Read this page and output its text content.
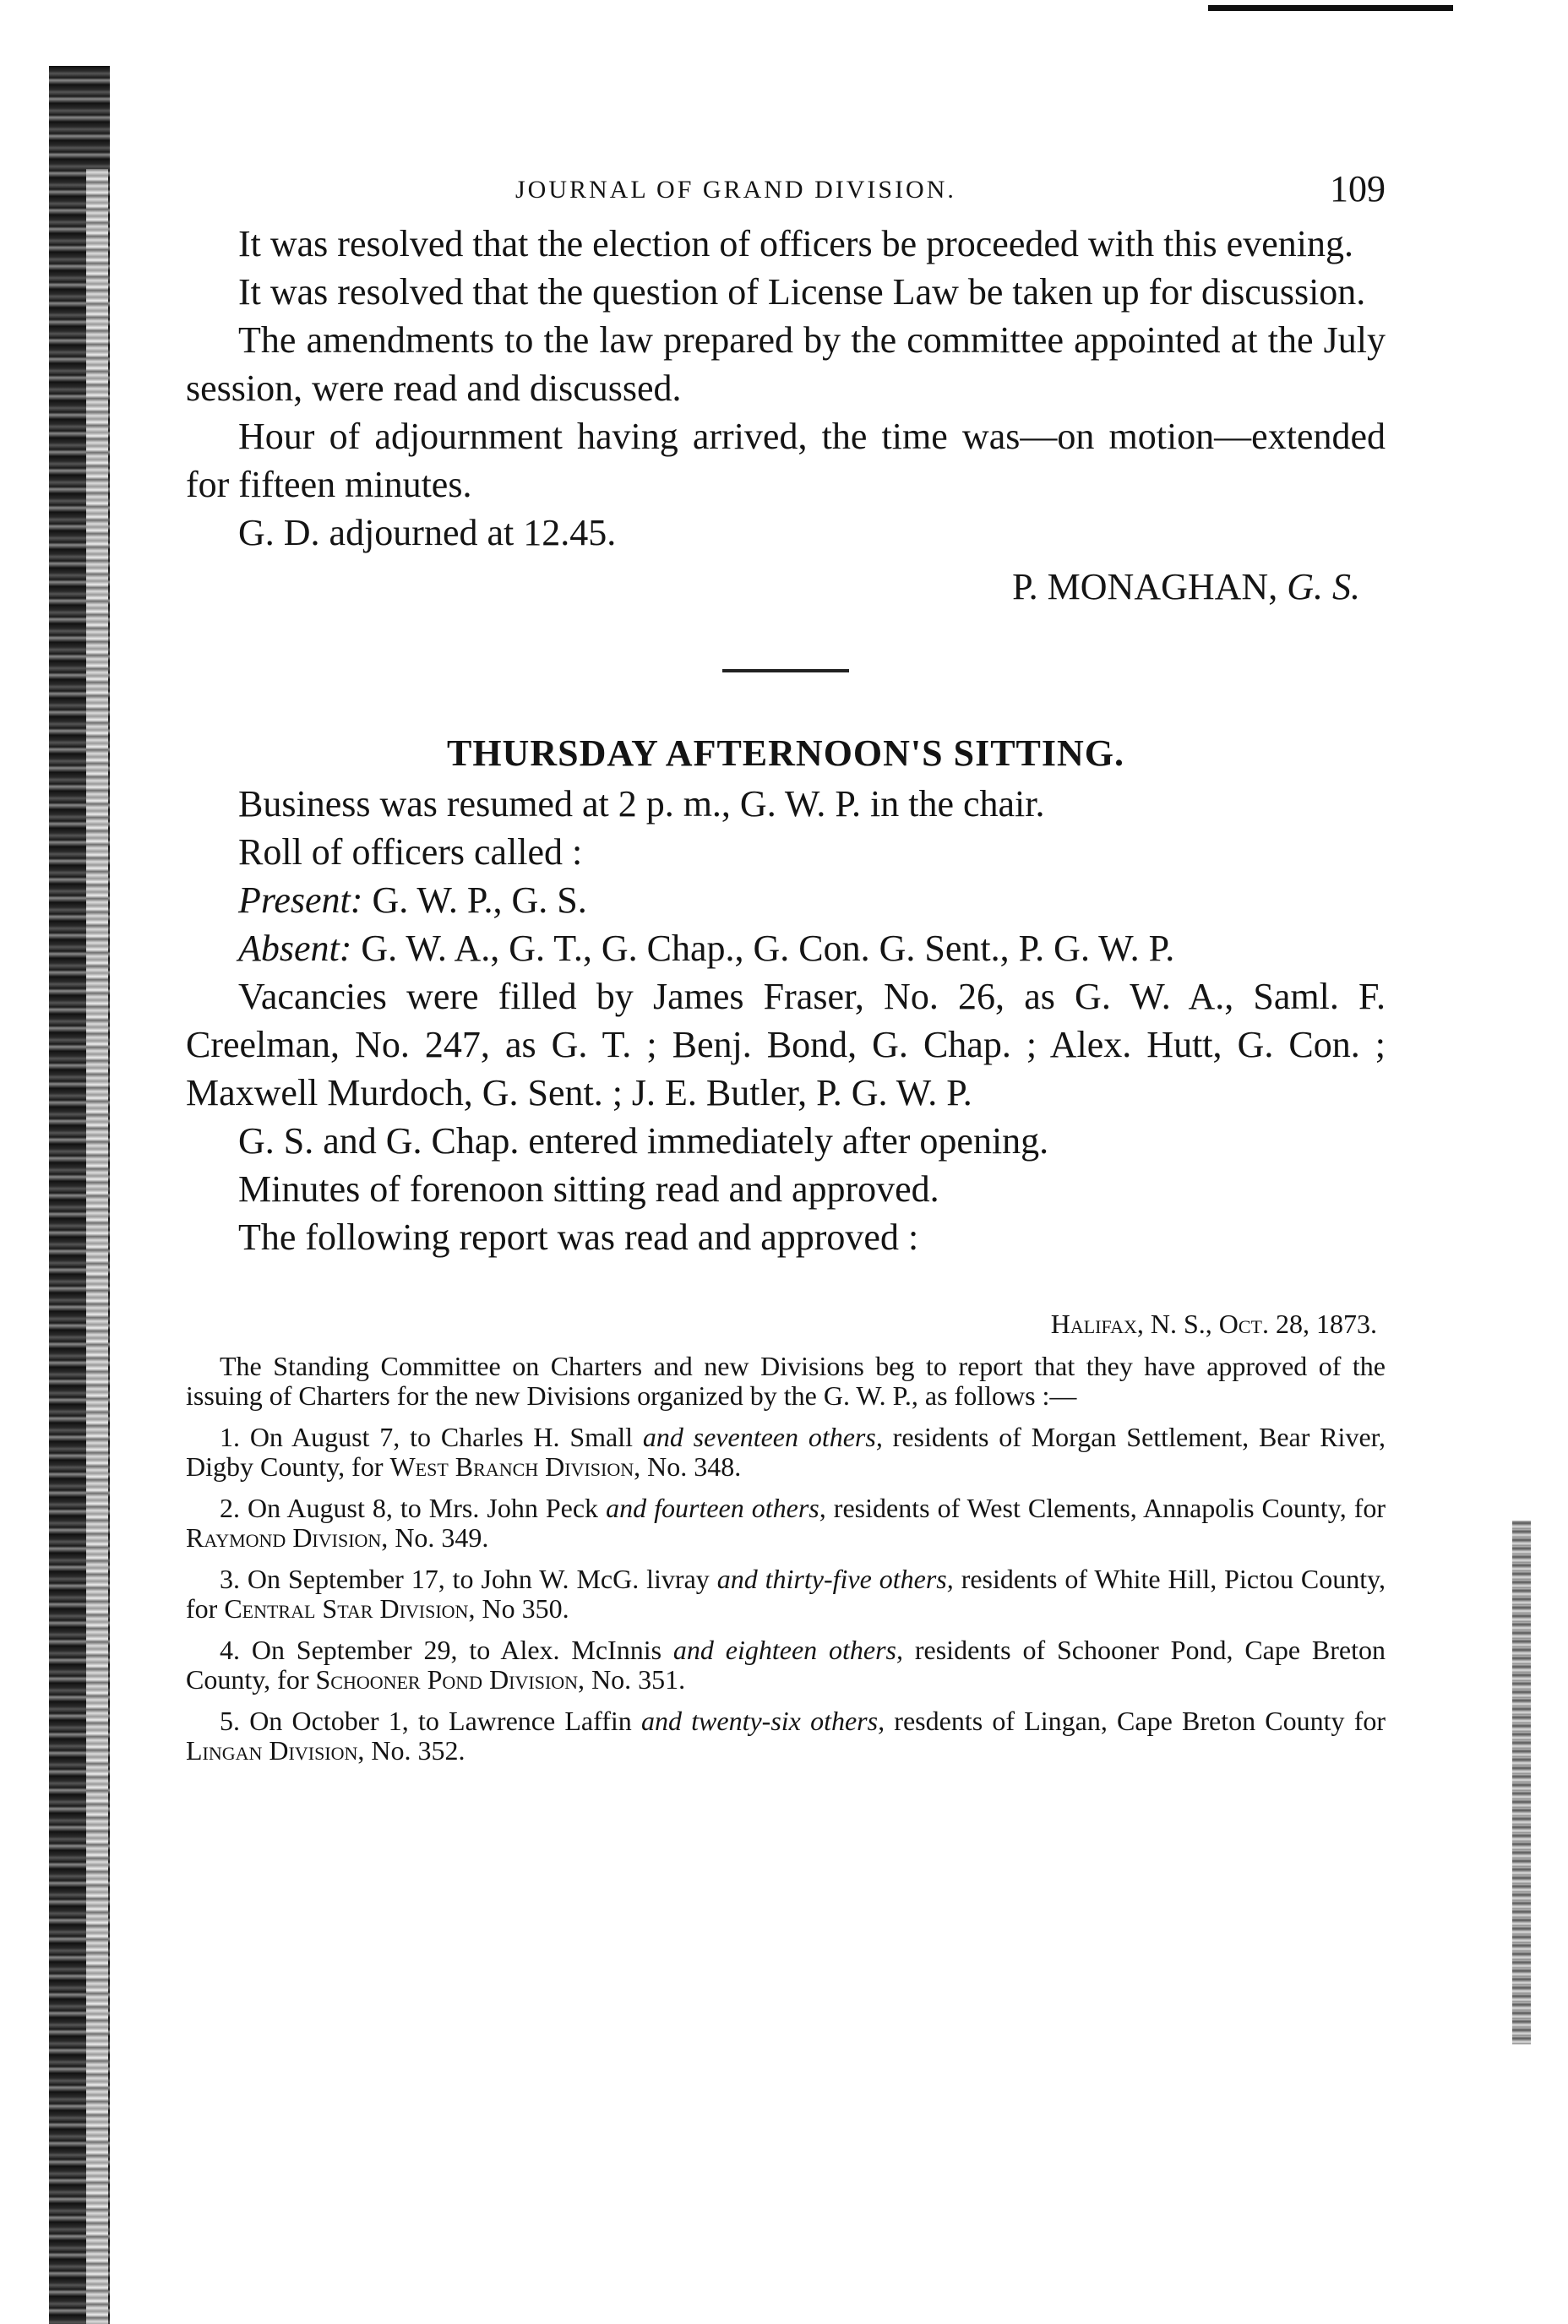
JOURNAL OF GRAND DIVISION.	109

It was resolved that the election of officers be proceeded with this evening.

It was resolved that the question of License Law be taken up for discussion.

The amendments to the law prepared by the committee appointed at the July session, were read and discussed.

Hour of adjournment having arrived, the time was—on motion—extended for fifteen minutes.

G. D. adjourned at 12.45.

P. MONAGHAN, G. S.

THURSDAY AFTERNOON'S SITTING.

Business was resumed at 2 p. m., G. W. P. in the chair.

Roll of officers called :

Present: G. W. P., G. S.

Absent: G. W. A., G. T., G. Chap., G. Con. G. Sent., P. G. W. P.

Vacancies were filled by James Fraser, No. 26, as G. W. A., Saml. F. Creelman, No. 247, as G. T. ; Benj. Bond, G. Chap. ; Alex. Hutt, G. Con. ; Maxwell Murdoch, G. Sent. ; J. E. Butler, P. G. W. P.

G. S. and G. Chap. entered immediately after opening.

Minutes of forenoon sitting read and approved.

The following report was read and approved :

Halifax, N. S., Oct. 28, 1873.

The Standing Committee on Charters and new Divisions beg to report that they have approved of the issuing of Charters for the new Divisions organized by the G. W. P., as follows :—

1. On August 7, to Charles H. Small and seventeen others, residents of Morgan Settlement, Bear River, Digby County, for West Branch Division, No. 348.

2. On August 8, to Mrs. John Peck and fourteen others, residents of West Clements, Annapolis County, for Raymond Division, No. 349.

3. On September 17, to John W. McG. livray and thirty-five others, residents of White Hill, Pictou County, for Central Star Division, No 350.

4. On September 29, to Alex. McInnis and eighteen others, residents of Schooner Pond, Cape Breton County, for Schooner Pond Division, No. 351.

5. On October 1, to Lawrence Laffin and twenty-six others, resdents of Lingan, Cape Breton County for Lingan Division, No. 352.
